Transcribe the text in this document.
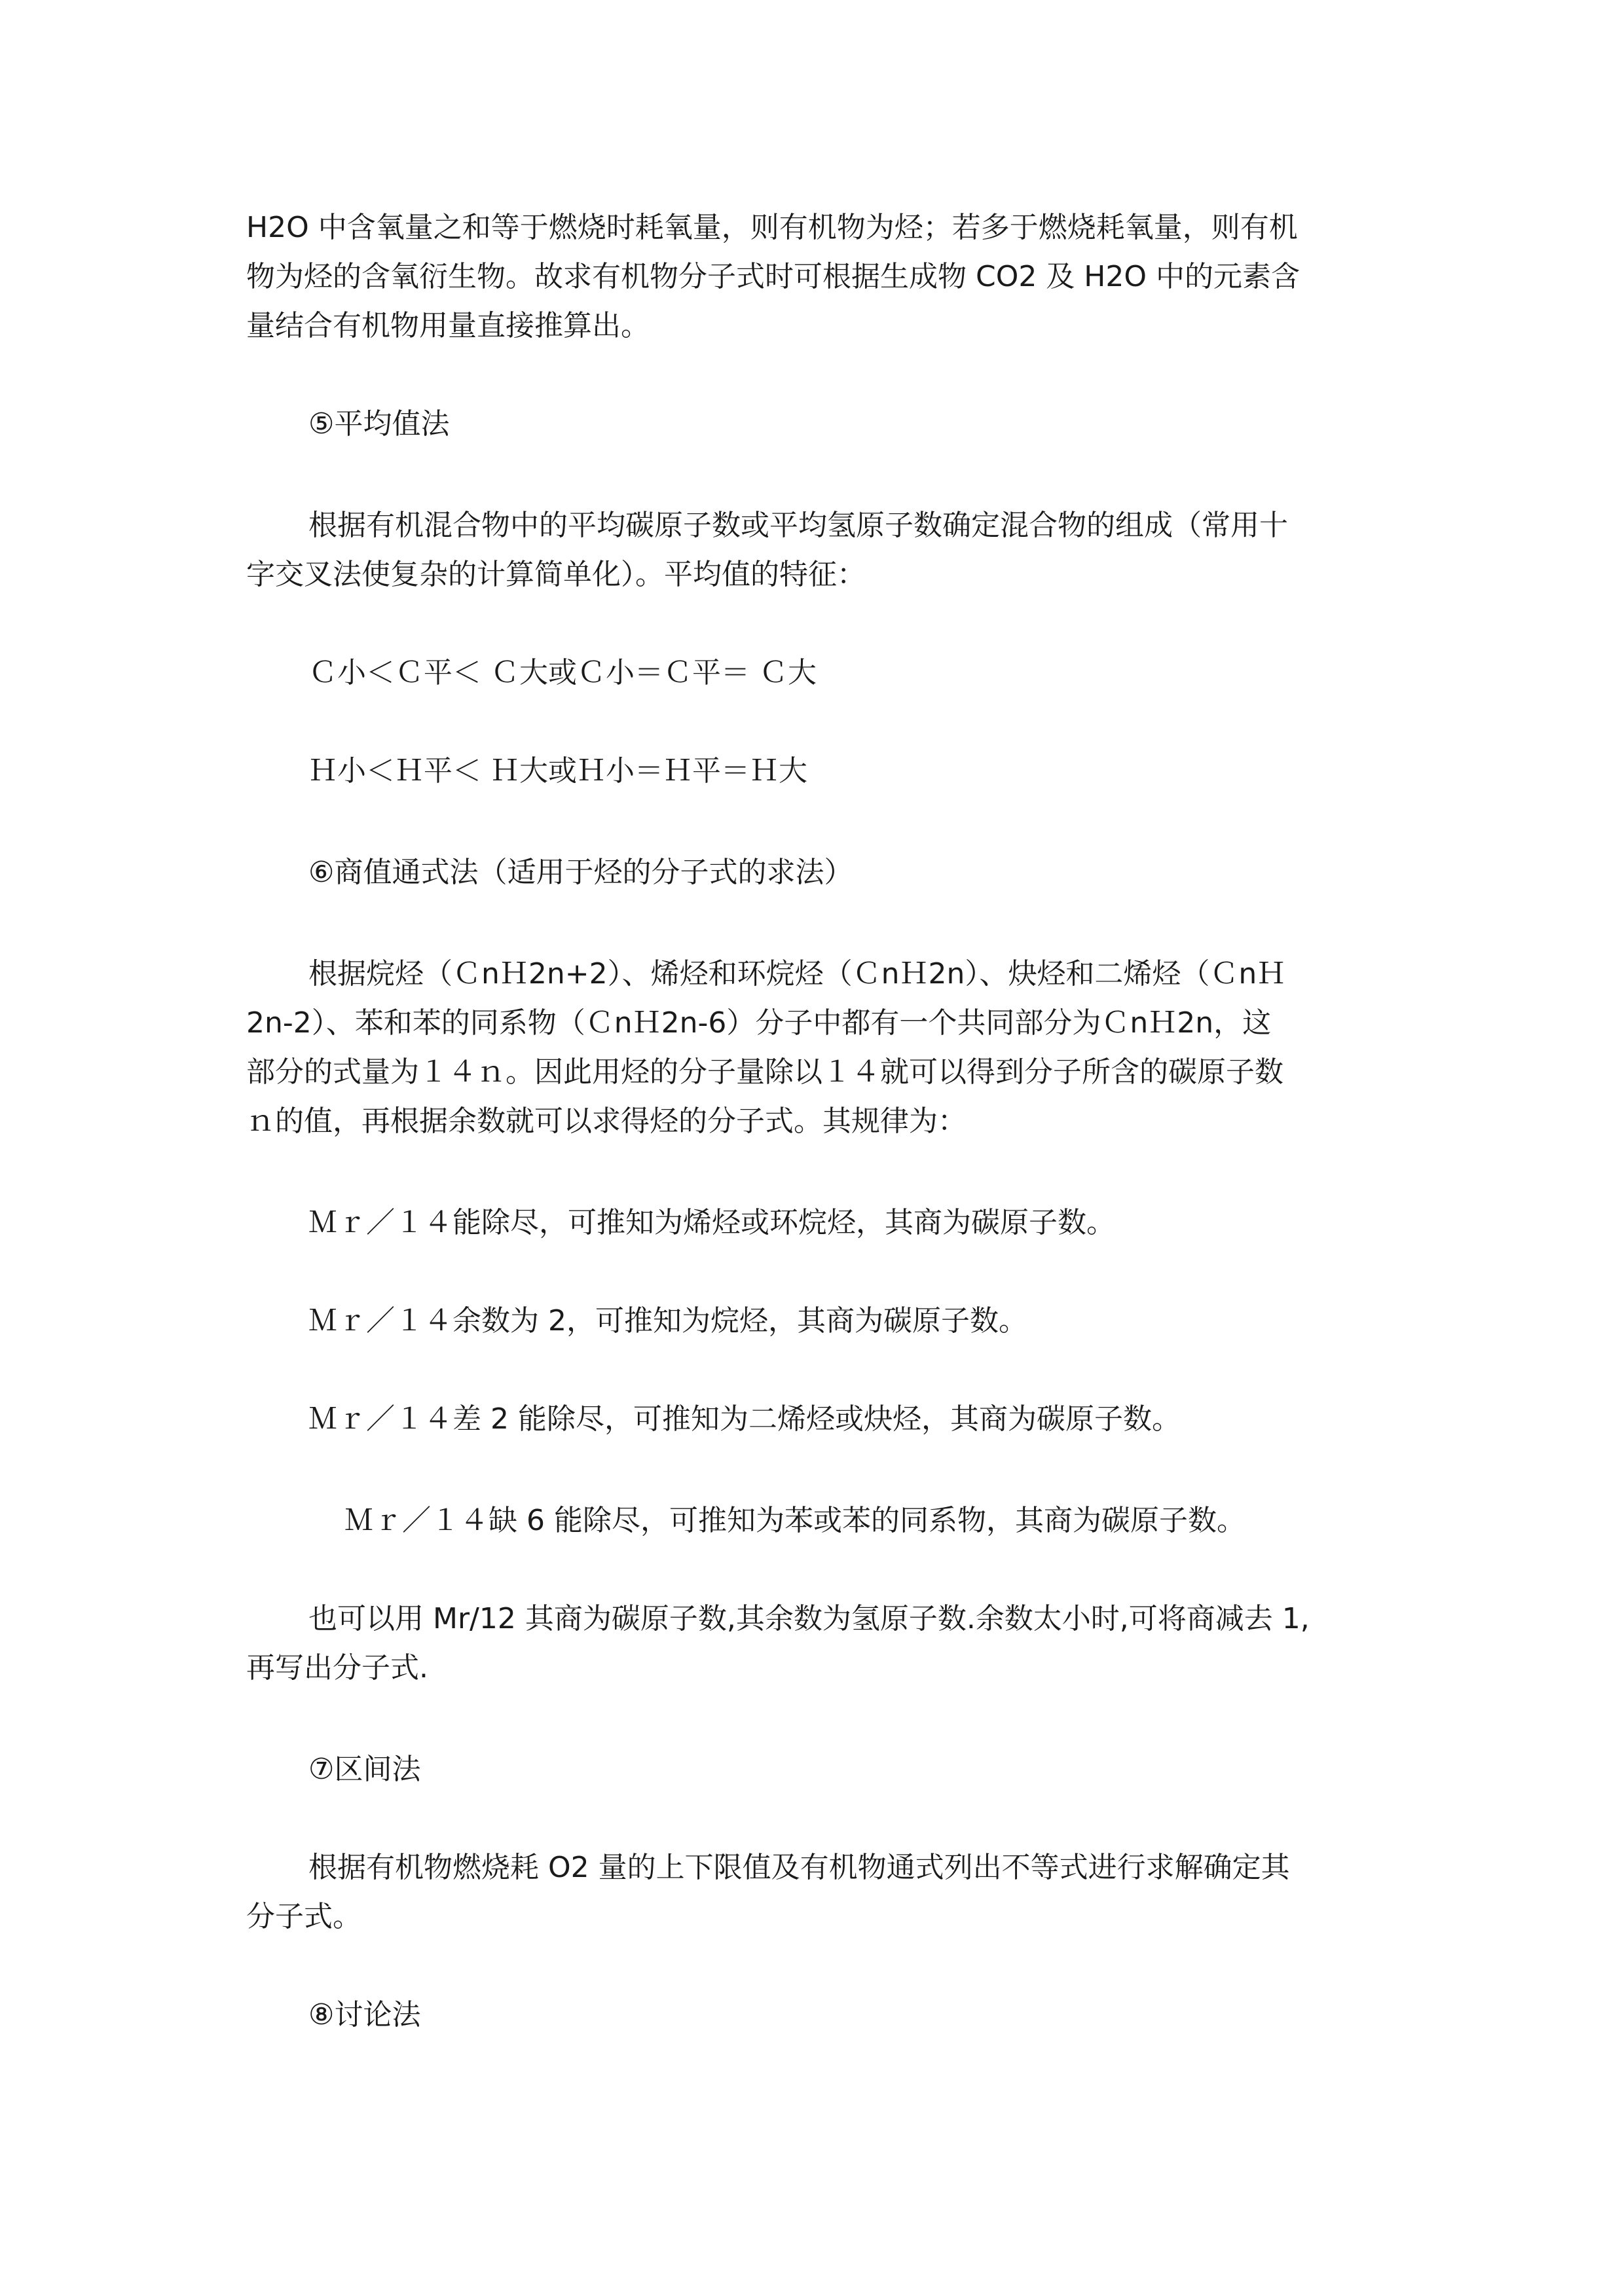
H2O 中含氧量之和等于燃烧时耗氧量，则有机物为烃；若多于燃烧耗氧量，则有机
物为烃的含氧衍生物。故求有机物分子式时可根据生成物 CO2 及 H2O 中的元素含
量结合有机物用量直接推算出。
⑤平均值法
根据有机混合物中的平均碳原子数或平均氢原子数确定混合物的组成（常用十
字交叉法使复杂的计算简单化）。平均值的特征：
Ｃ小＜Ｃ平＜ Ｃ大或Ｃ小＝Ｃ平＝ Ｃ大
Ｈ小＜Ｈ平＜ Ｈ大或Ｈ小＝Ｈ平＝Ｈ大
⑥商值通式法（适用于烃的分子式的求法）
根据烷烃（ＣnＨ2n+2）、烯烃和环烷烃（ＣnＨ2n）、炔烃和二烯烃（ＣnＨ
2n-2）、苯和苯的同系物（ＣnＨ2n-6）分子中都有一个共同部分为ＣnＨ2n，这
部分的式量为１４ｎ。因此用烃的分子量除以１４就可以得到分子所含的碳原子数
ｎ的值，再根据余数就可以求得烃的分子式。其规律为：
Ｍｒ／１４能除尽，可推知为烯烃或环烷烃，其商为碳原子数。
Ｍｒ／１４余数为 2，可推知为烷烃，其商为碳原子数。
Ｍｒ／１４差 2 能除尽，可推知为二烯烃或炔烃，其商为碳原子数。
Ｍｒ／１４缺 6 能除尽，可推知为苯或苯的同系物，其商为碳原子数。
也可以用 Mr/12 其商为碳原子数,其余数为氢原子数.余数太小时,可将商减去 1,
再写出分子式.
⑦区间法
根据有机物燃烧耗 O2 量的上下限值及有机物通式列出不等式进行求解确定其
分子式。
⑧讨论法
